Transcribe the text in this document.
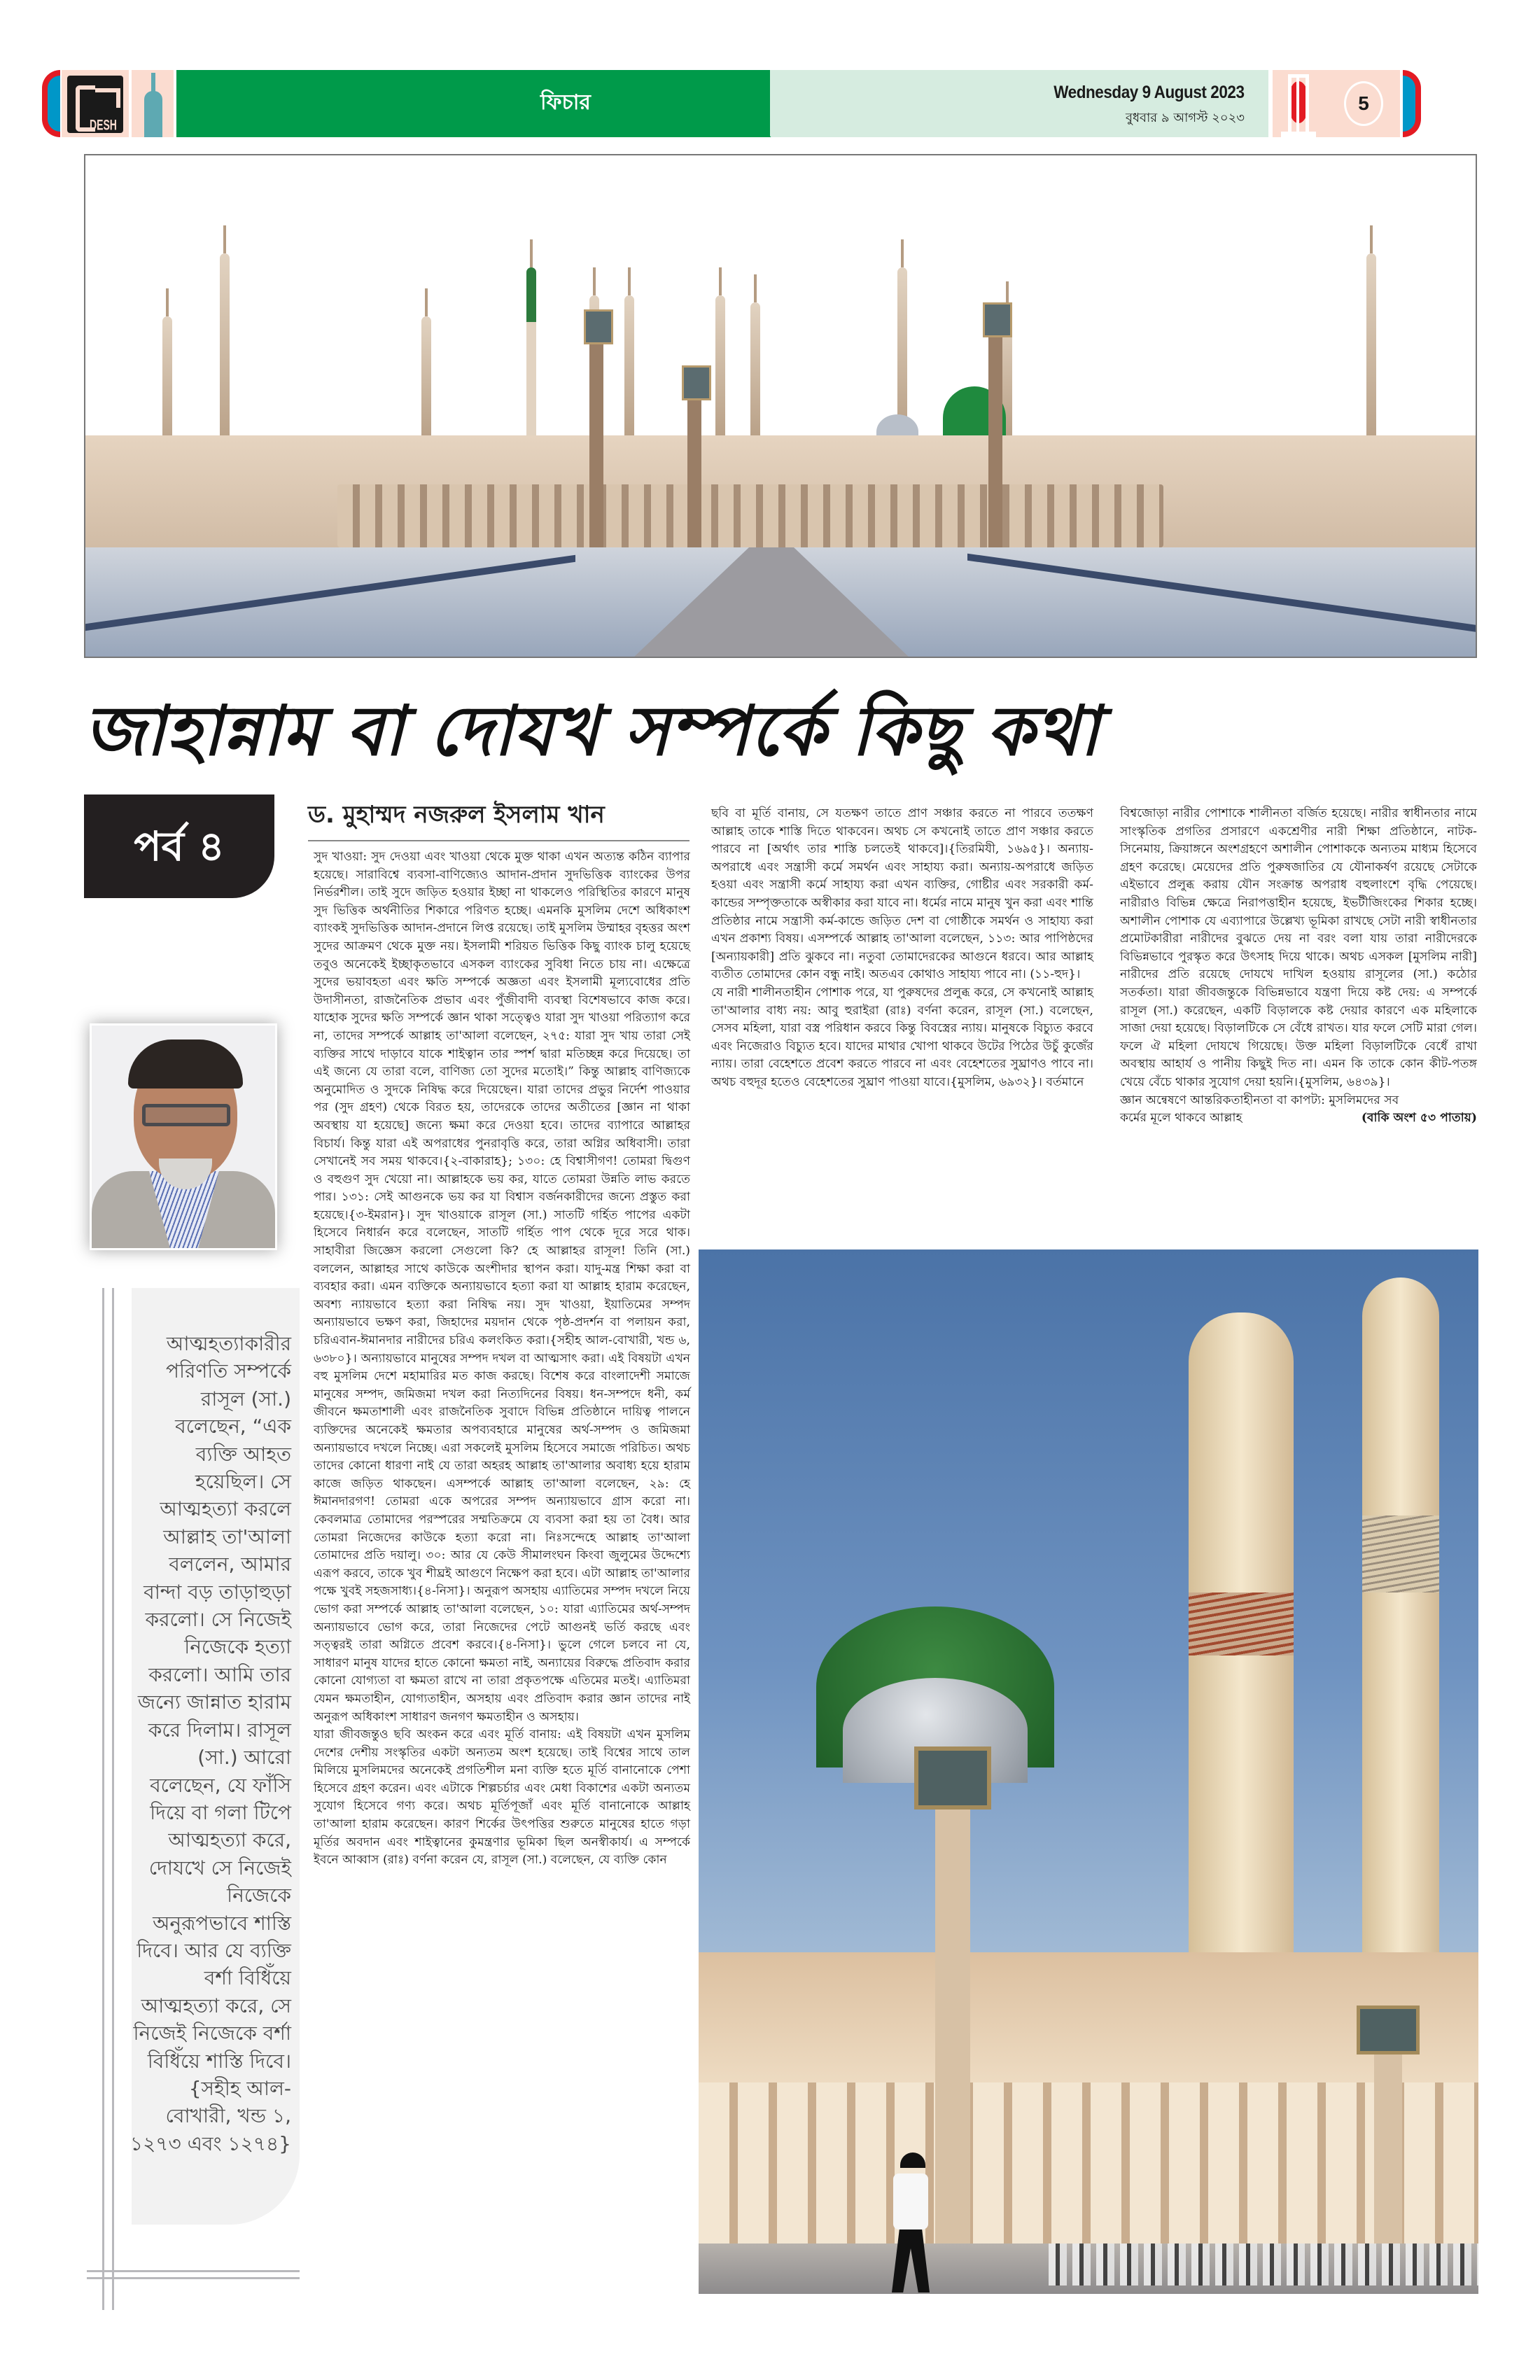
DESH
ফিচার	Wednesday 9 August 2023
বুধবার ৯ আগস্ট ২০২৩
5
জাহান্নাম বা দোযখ সম্পর্কে কিছু কথা
পর্ব ৪
ড. মুহাম্মদ নজরুল ইসলাম খান
আত্মহত্যাকারীর পরিণতি সম্পর্কে রাসূল (সা.) বলেছেন, “এক ব্যক্তি আহত হয়েছিল। সে আত্মহত্যা করলে আল্লাহ তা'আলা বললেন, আমার বান্দা বড় তাড়াহুড়া করলো। সে নিজেই নিজেকে হত্যা করলো। আমি তার জন্যে জান্নাত হারাম করে দিলাম। রাসূল (সা.) আরো বলেছেন, যে ফাঁসি দিয়ে বা গলা টিপে আত্মহত্যা করে, দোযখে সে নিজেই নিজেকে অনুরূপভাবে শাস্তি দিবে। আর যে ব্যক্তি বর্শা বিধিঁয়ে আত্মহত্যা করে, সে নিজেই নিজেকে বর্শা বিধিঁয়ে শাস্তি দিবে।{সহীহ আল-বোখারী, খন্ড ১, ১২৭৩ এবং ১২৭৪}

সুদ খাওয়া: সুদ দেওয়া এবং খাওয়া থেকে মুক্ত থাকা এখন অত্যন্ত কঠিন ব্যাপার হয়েছে। সারাবিশ্বে ব্যবসা-বাণিজ্যেও আদান-প্রদান সুদভিত্তিক ব্যাংকের উপর নির্ভরশীল। তাই সুদে জড়িত হওয়ার ইচ্ছা না থাকলেও পরিস্থিতির কারণে মানুষ সুদ ভিত্তিক অর্থনীতির শিকারে পরিণত হচ্ছে। এমনকি মুসলিম দেশে অধিকাংশ ব্যাংকই সুদভিত্তিক আদান-প্রদানে লিপ্ত রয়েছে। তাই মুসলিম উম্মাহর বৃহত্তর অংশ সুদের আক্রমণ থেকে মুক্ত নয়। ইসলামী শরিয়ত ভিত্তিক কিছু ব্যাংক চালু হয়েছে তবুও অনেকেই ইচ্ছাকৃতভাবে এসকল ব্যাংকের সুবিধা নিতে চায় না। এক্ষেত্রে সুদের ভয়াবহতা এবং ক্ষতি সম্পর্কে অজ্ঞতা এবং ইসলামী মূল্যবোধের প্রতি উদাসীনতা, রাজনৈতিক প্রভাব এবং পুঁজীবাদী ব্যবস্থা বিশেষভাবে কাজ করে। যাহোক সুদের ক্ষতি সম্পর্কে জ্ঞান থাকা সত্ত্বেও যারা সুদ খাওয়া পরিত্যাগ করে না, তাদের সম্পর্কে আল্লাহ তা'আলা বলেছেন, ২৭৫: যারা সুদ খায় তারা সেই ব্যক্তির সাথে দাড়াবে যাকে শাইত্বান তার স্পর্শ দ্বারা মতিচ্ছন্ন করে দিয়েছে। তা এই জন্যে যে তারা বলে, বাণিজ্য তো সুদের মতোই।” কিন্তু আল্লাহ বাণিজ্যকে অনুমোদিত ও সুদকে নিষিদ্ধ করে দিয়েছেন। যারা তাদের প্রভুর নির্দেশ পাওয়ার পর (সুদ গ্রহণ) থেকে বিরত হয়, তাদেরকে তাদের অতীতের [জ্ঞান না থাকা অবস্থায় যা হয়েছে] জন্যে ক্ষমা করে দেওয়া হবে। তাদের ব্যাপারে আল্লাহর বিচার্য। কিন্তু যারা এই অপরাধের পুনরাবৃত্তি করে, তারা অগ্নির অধিবাসী। তারা সেখানেই সব সময় থাকবে।{২-বাকারাহ}; ১৩০: হে বিশ্বাসীগণ! তোমরা দ্বিগুণ ও বহুগুণ সুদ খেয়ো না। আল্লাহকে ভয় কর, যাতে তোমরা উন্নতি লাভ করতে পার। ১৩১: সেই আগুনকে ভয় কর যা বিশ্বাস বর্জনকারীদের জন্যে প্রস্তুত করা হয়েছে।{৩-ইমরান}। সুদ খাওয়াকে রাসূল (সা.) সাতটি গর্হিত পাপের একটা হিসেবে নিধার্রন করে বলেছেন, সাতটি গর্হিত পাপ থেকে দূরে সরে থাক। সাহাবীরা জিজ্ঞেস করলো সেগুলো কি? হে আল্লাহর রাসূল! তিনি (সা.) বললেন, আল্লাহর সাথে কাউকে অংশীদার স্থাপন করা। যাদু-মন্ত্র শিক্ষা করা বা ব্যবহার করা। এমন ব্যক্তিকে অন্যায়ভাবে হত্যা করা যা আল্লাহ হারাম করেছেন, অবশ্য ন্যায়ভাবে হত্যা করা নিষিদ্ধ নয়। সুদ খাওয়া, ইয়াতিমের সম্পদ অন্যায়ভাবে ভক্ষণ করা, জিহাদের ময়দান থেকে পৃষ্ঠ-প্রদর্শন বা পলায়ন করা, চরিএবান-ঈমানদার নারীদের চরিএ কলংকিত করা।{সহীহ আল-বোখারী, খন্ড ৬, ৬৩৮০}। অন্যায়ভাবে মানুষের সম্পদ দখল বা আত্মসাৎ করা। এই বিষয়টা এখন বহু মুসলিম দেশে মহামারির মত কাজ করছে। বিশেষ করে বাংলাদেশী সমাজে মানুষের সম্পদ, জমিজমা দখল করা নিত্যদিনের বিষয়। ধন-সম্পদে ধনী, কর্ম জীবনে ক্ষমতাশালী এবং রাজনৈতিক সুবাদে বিভিন্ন প্রতিষ্ঠানে দায়িত্ব পালনে ব্যক্তিদের অনেকেই ক্ষমতার অপব্যবহারে মানুষের অর্থ-সম্পদ ও জমিজমা অন্যায়ভাবে দখলে নিচ্ছে। এরা সকলেই মুসলিম হিসেবে সমাজে পরিচিত। অথচ তাদের কোনো ধারণা নাই যে তারা অহরহ আল্লাহ তা'আলার অবাধ্য হয়ে হারাম কাজে জড়িত থাকছেন। এসম্পর্কে আল্লাহ তা'আলা বলেছেন, ২৯: হে ঈমানদারগণ! তোমরা একে অপরের সম্পদ অন্যায়ভাবে গ্রাস করো না। কেবলমাত্র তোমাদের পরস্পরের সম্মতিক্রমে যে ব্যবসা করা হয় তা বৈধ। আর তোমরা নিজেদের কাউকে হত্যা করো না। নিঃসন্দেহে আল্লাহ তা'আলা তোমাদের প্রতি দয়ালু। ৩০: আর যে কেউ সীমালংঘন কিংবা জুলুমের উদ্দেশ্যে এরূপ করবে, তাকে খুব শীঘ্রই আগুণে নিক্ষেপ করা হবে। এটা আল্লাহ তা'আলার পক্ষে খুবই সহজসাধ্য।{৪-নিসা}। অনুরূপ অসহায় এ্যাতিমের সম্পদ দখলে নিয়ে ভোগ করা সম্পর্কে আল্লাহ তা'আলা বলেছেন, ১০: যারা এ্যাতিমের অর্থ-সম্পদ অন্যায়ভাবে ভোগ করে, তারা নিজেদের পেটে আগুনই ভর্তি করছে এবং সত্ত্বরই তারা অগ্নিতে প্রবেশ করবে।{৪-নিসা}। ভুলে গেলে চলবে না যে, সাধারণ মানুষ যাদের হাতে কোনো ক্ষমতা নাই, অন্যায়ের বিরুদ্ধে প্রতিবাদ করার কোনো যোগ্যতা বা ক্ষমতা রাখে না তারা প্রকৃতপক্ষে এতিমের মতই। এ্যাতিমরা যেমন ক্ষমতাহীন, যোগ্যতাহীন, অসহায় এবং প্রতিবাদ করার জ্ঞান তাদের নাই অনুরূপ অধিকাংশ সাধারণ জনগণ ক্ষমতাহীন ও অসহায়।

যারা জীবজন্তুও ছবি অংকন করে এবং মূর্তি বানায়: এই বিষয়টা এখন মুসলিম দেশের দেশীয় সংস্কৃতির একটা অন্যতম অংশ হয়েছে। তাই বিশ্বের সাথে তাল মিলিয়ে মুসলিমদের অনেকেই প্রগতিশীল মনা ব্যক্তি হতে মূর্তি বানানোকে পেশা হিসেবে গ্রহণ করেন। এবং এটাকে শিল্পচর্চার এবং মেধা বিকাশের একটা অন্যতম সুযোগ হিসেবে গণ্য করে। অথচ মূর্তিপূজাঁ এবং মূর্তি বানানোকে আল্লাহ তা'আলা হারাম করেছেন। কারণ শির্কের উৎপত্তির শুরুতে মানুষের হাতে গড়া মূর্তির অবদান এবং শাইত্বানের কুমন্ত্রণার ভূমিকা ছিল অনস্বীকার্য। এ সম্পর্কে ইবনে আব্বাস (রাঃ) বর্ণনা করেন যে, রাসূল (সা.) বলেছেন, যে ব্যক্তি কোন

ছবি বা মূর্তি বানায়, সে যতক্ষণ তাতে প্রাণ সঞ্চার করতে না পারবে ততক্ষণ আল্লাহ তাকে শাস্তি দিতে থাকবেন। অথচ সে কখনোই তাতে প্রাণ সঞ্চার করতে পারবে না [অর্থাৎ তার শাস্তি চলতেই থাকবে]।{তিরমিযী, ১৬৯৫}। অন্যায়-অপরাধে এবং সন্ত্রাসী কর্মে সমর্থন এবং সাহায্য করা। অন্যায়-অপরাধে জড়িত হওয়া এবং সন্ত্রাসী কর্মে সাহায্য করা এখন ব্যক্তির, গোষ্টীর এবং সরকারী কর্ম-কান্ডের সম্পৃক্ততাকে অস্বীকার করা যাবে না। ধর্মের নামে মানুষ খুন করা এবং শান্তি প্রতিষ্ঠার নামে সন্ত্রাসী কর্ম-কান্ডে জড়িত দেশ বা গোষ্ঠীকে সমর্থন ও সাহায্য করা এখন প্রকাশ্য বিষয়। এসম্পর্কে আল্লাহ তা'আলা বলেছেন, ১১৩: আর পাপিষ্ঠদের [অন্যায়কারী] প্রতি ঝুকবে না। নতুবা তোমাদেরকের আগুনে ধরবে। আর আল্লাহ ব্যতীত তোমাদের কোন বন্ধু নাই। অতএব কোথাও সাহায্য পাবে না। (১১-হুদ}।

যে নারী শালীনতাহীন পোশাক পরে, যা পুরুষদের প্রলুব্ধ করে, সে কখনোই আল্লাহ তা'আলার বাধ্য নয়: আবু হুরাইরা (রাঃ) বর্ণনা করেন, রাসূল (সা.) বলেছেন, সেসব মহিলা, যারা বস্ত্র পরিধান করবে কিন্তু বিবস্ত্রের ন্যায়। মানুষকে বিচ্যুত করবে এবং নিজেরাও বিচ্যুত হবে। যাদের মাথার খোপা থাকবে উটের পিঠের উচুঁ কুজেঁর ন্যায়। তারা বেহেশতে প্রবেশ করতে পারবে না এবং বেহেশতের সুঘ্রাণও পাবে না। অথচ বহুদূর হতেও বেহেশতের সুঘ্রাণ পাওয়া যাবে।{মুসলিম, ৬৯৩২}। বর্তমানে

বিশ্বজোড়া নারীর পোশাকে শালীনতা বর্জিত হয়েছে। নারীর স্বাধীনতার নামে সাংস্কৃতিক প্রগতির প্রসারণে একশ্রেণীর নারী শিক্ষা প্রতিষ্ঠানে, নাটক-সিনেমায়, ক্রিয়াঙ্গনে অংশগ্রহণে অশালীন পোশাককে অন্যতম মাধ্যম হিসেবে গ্রহণ করেছে। মেয়েদের প্রতি পুরুষজাতির যে যৌনাকর্ষণ রয়েছে সেটাকে এইভাবে প্রলুব্ধ করায় যৌন সংক্রান্ত অপরাধ বহুলাংশে বৃদ্ধি পেয়েছে। নারীরাও বিভিন্ন ক্ষেত্রে নিরাপত্তাহীন হয়েছে, ইভটীজিংকের শিকার হচ্ছে। অশালীন পোশাক যে এব্যাপারে উল্লেখ্য ভূমিকা রাখছে সেটা নারী স্বাধীনতার প্রমোটকারীরা নারীদের বুঝতে দেয় না বরং বলা যায় তারা নারীদেরকে বিভিন্নভাবে পুরস্কৃত করে উৎসাহ দিয়ে থাকে। অথচ এসকল [মুসলিম নারী] নারীদের প্রতি রয়েছে দোযখে দাখিল হওয়ায় রাসূলের (সা.) কঠোর সতর্কতা। যারা জীবজন্তুকে বিভিন্নভাবে যন্ত্রণা দিয়ে কষ্ট দেয়: এ সম্পর্কে রাসূল (সা.) করেছেন, একটি বিড়ালকে কষ্ট দেয়ার কারণে এক মহিলাকে সাজা দেয়া হয়েছে। বিড়ালটিকে সে বেঁধে রাখত। যার ফলে সেটি মারা গেল। ফলে ঐ মহিলা দোযখে গিয়েছে। উক্ত মহিলা বিড়ালটিকে বেধেঁ রাখা অবস্থায় আহার্য ও পানীয় কিছুই দিত না। এমন কি তাকে কোন কীট-পতঙ্গ খেয়ে বেঁচে থাকার সুযোগ দেয়া হয়নি।{মুসলিম, ৬৪৩৯}।

জ্ঞান অন্বেষণে আন্তরিকতাহীনতা বা কাপট্য: মুসলিমদের সব

কর্মের মূলে থাকবে আল্লাহ	(বাকি অংশ ৫৩ পাতায়)
